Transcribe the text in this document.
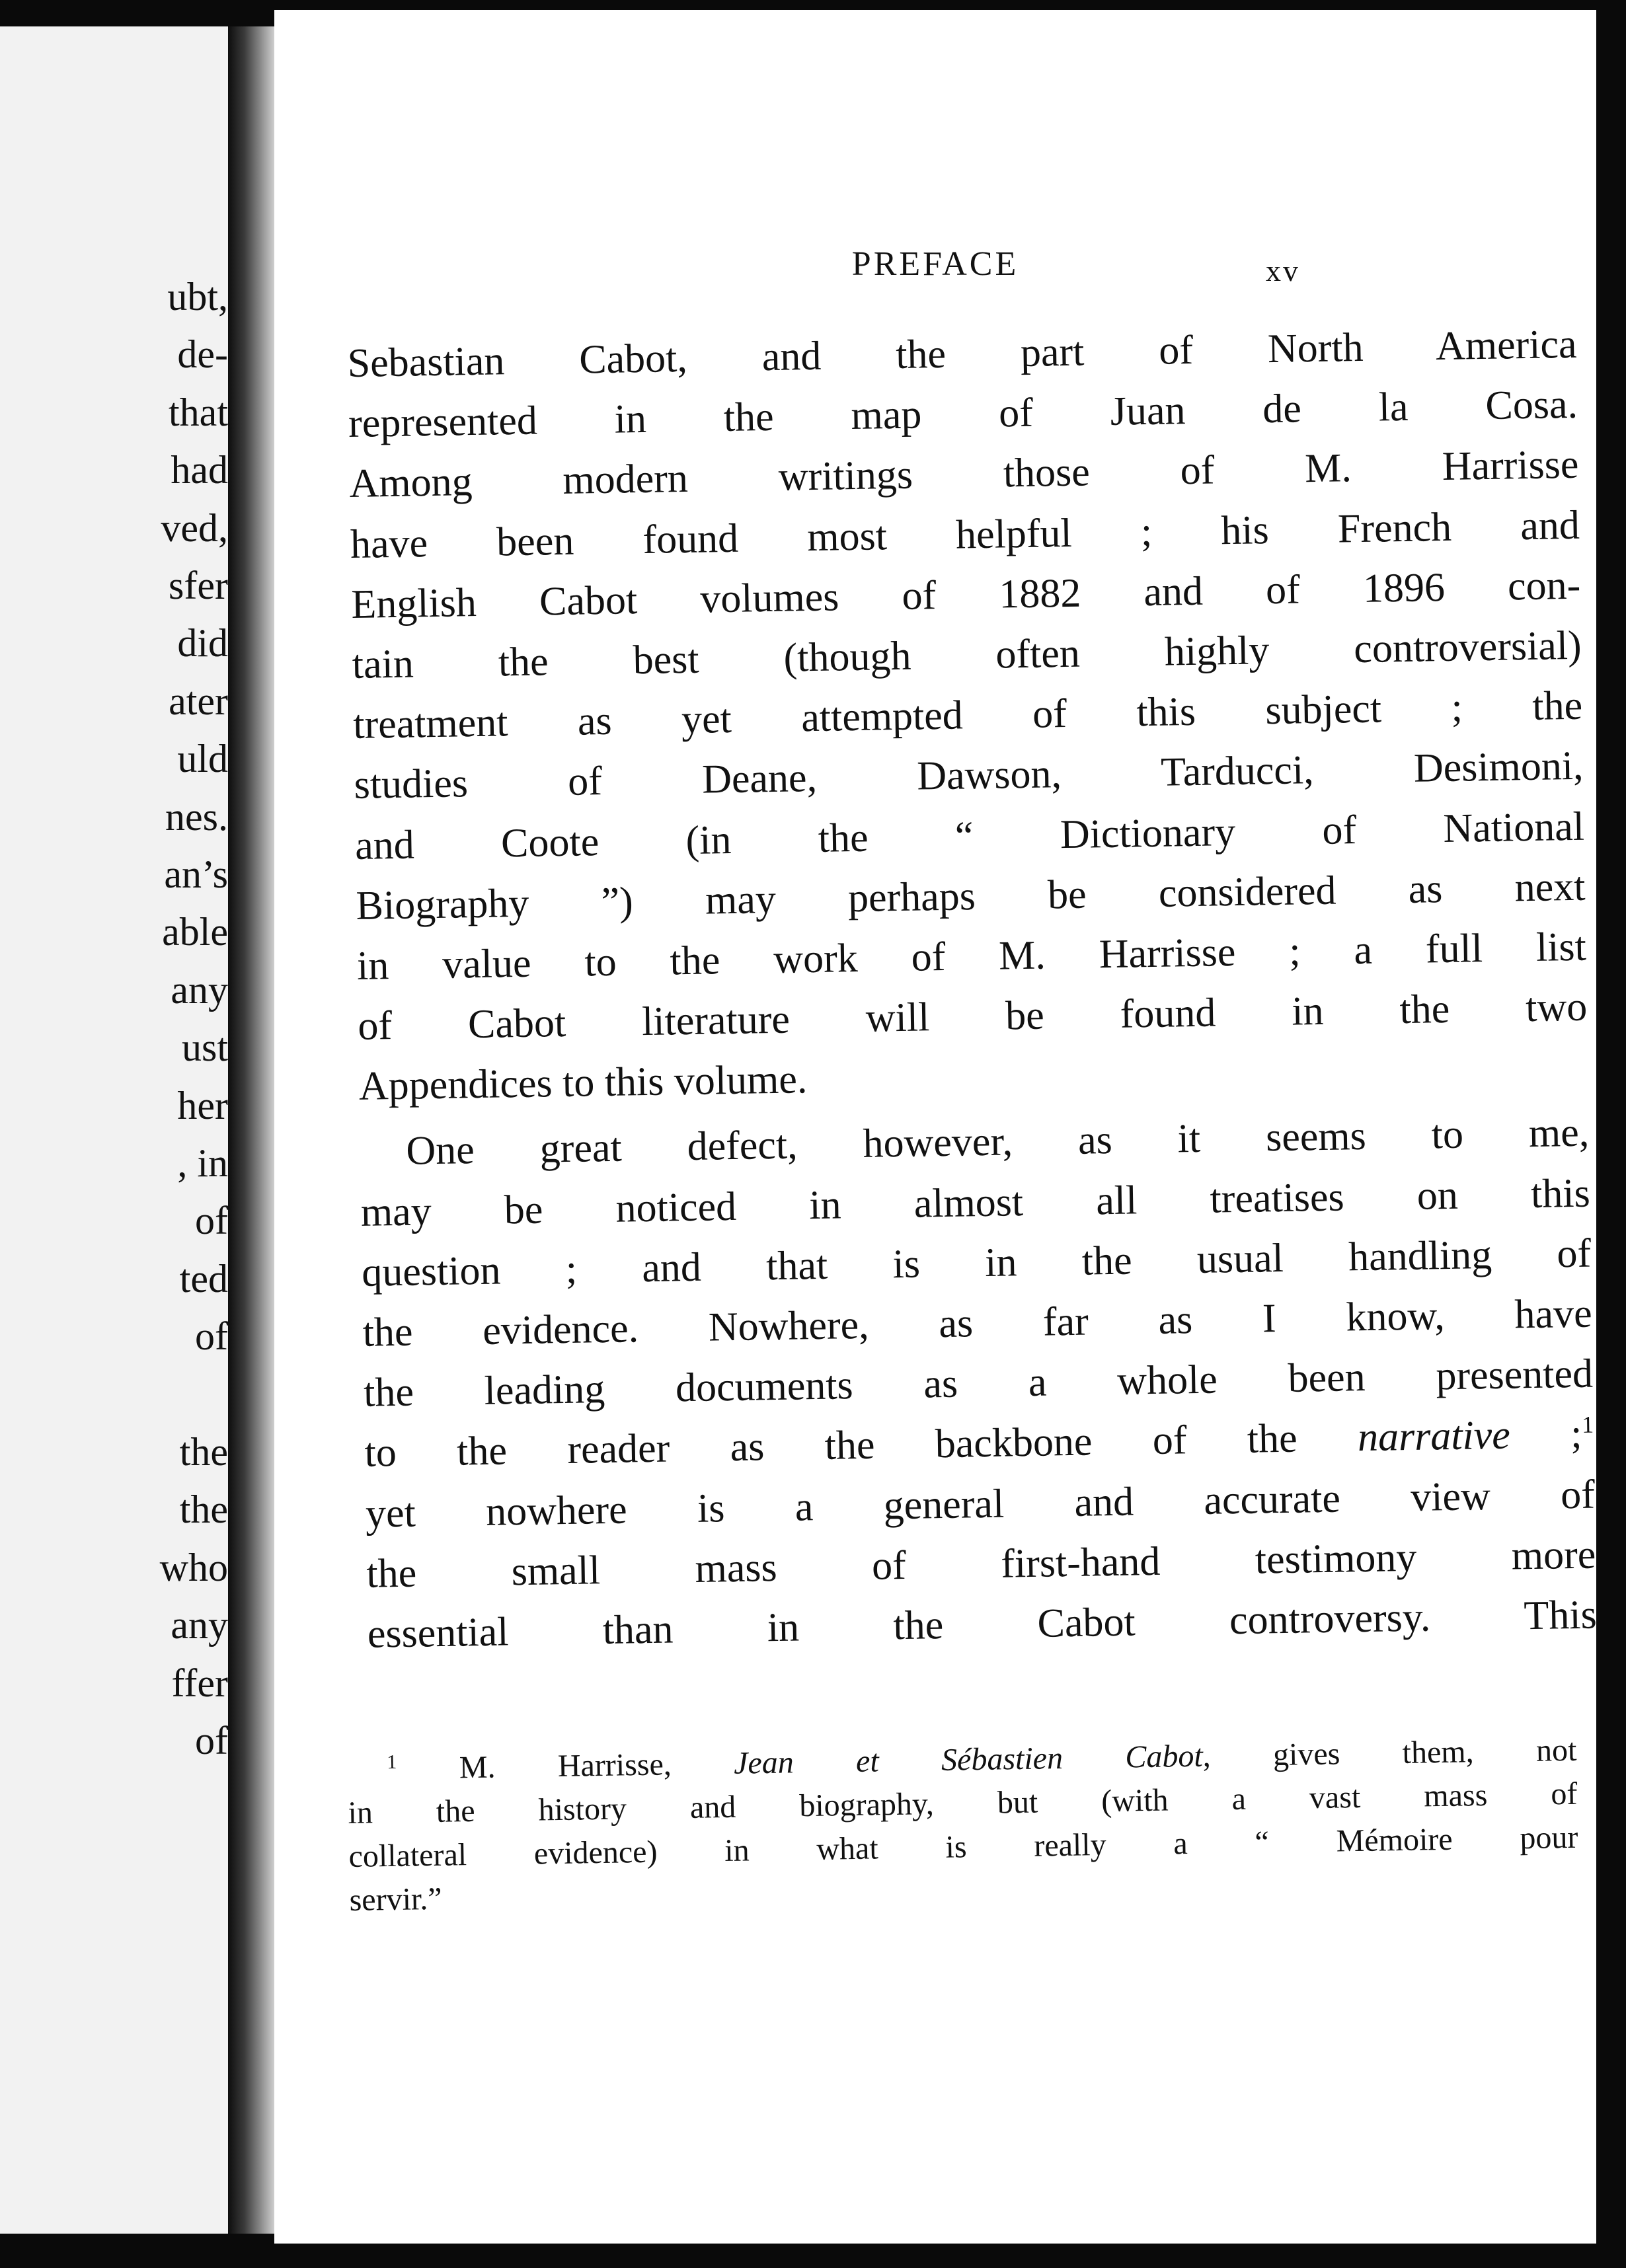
ubt,
de-
that
had
ved,
sfer
did
ater
uld
nes.
an’s
able
any
ust
her
, in
of
ted
of
the
the
who
any
ffer
of
PREFACE	xv
Sebastian Cabot, and the part of North America
represented in the map of Juan de la Cosa.
Among modern writings those of M. Harrisse
have been found most helpful ; his French and
English Cabot volumes of 1882 and of 1896 con-
tain the best (though often highly controversial)
treatment as yet attempted of this subject ; the
studies of Deane, Dawson, Tarducci, Desimoni,
and Coote (in the “ Dictionary of National
Biography ”) may perhaps be considered as next
in value to the work of M. Harrisse ; a full list
of Cabot literature will be found in the two
Appendices to this volume.
One great defect, however, as it seems to me,
may be noticed in almost all treatises on this
question ; and that is in the usual handling of
the evidence. Nowhere, as far as I know, have
the leading documents as a whole been presented
to the reader as the backbone of the narrative ;$^1$
yet nowhere is a general and accurate view of
the small mass of first-hand testimony more
essential than in the Cabot controversy. This
$^1$ M. Harrisse, Jean et Sébastien Cabot, gives them, not
in the history and biography, but (with a vast mass of
collateral evidence) in what is really a “ Mémoire pour
servir.”
